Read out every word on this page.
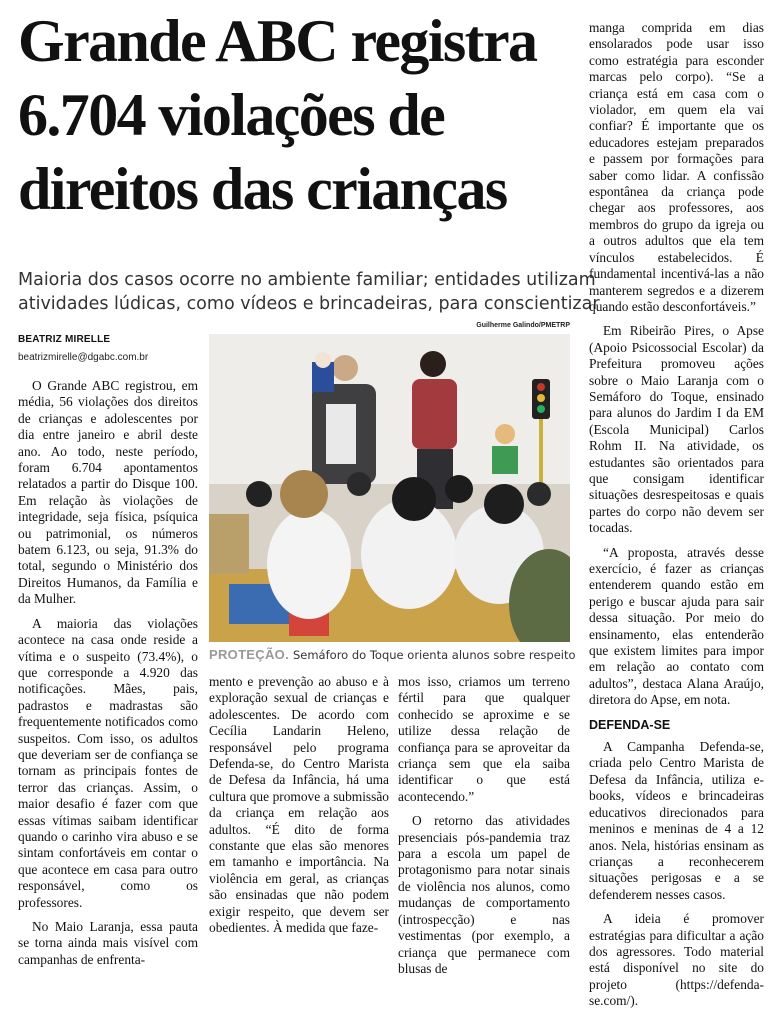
Grande ABC registra
6.704 violações de
direitos das crianças
Maioria dos casos ocorre no ambiente familiar; entidades utilizam
atividades lúdicas, como vídeos e brincadeiras, para conscientizar
BEATRIZ MIRELLE
beatrizmirelle@dgabc.com.br

O Grande ABC registrou, em média, 56 violações dos direitos de crianças e adolescentes por dia entre janeiro e abril deste ano. Ao todo, neste período, foram 6.704 apontamentos relatados a partir do Disque 100. Em relação às violações de integridade, seja física, psíquica ou patrimonial, os números batem 6.123, ou seja, 91.3% do total, segundo o Ministério dos Direitos Humanos, da Família e da Mulher.

A maioria das violações acontece na casa onde reside a vítima e o suspeito (73.4%), o que corresponde a 4.920 das notificações. Mães, pais, padrastos e madrastas são frequentemente notificados como suspeitos. Com isso, os adultos que deveriam ser de confiança se tornam as principais fontes de terror das crianças. Assim, o maior desafio é fazer com que essas vítimas saibam identificar quando o carinho vira abuso e se sintam confortáveis em contar o que acontece em casa para outro responsável, como os professores.

No Maio Laranja, essa pauta se torna ainda mais visível com campanhas de enfrenta-

Guilherme Galindo/PMETRP
PROTEÇÃO. Semáforo do Toque orienta alunos sobre respeito

mento e prevenção ao abuso e à exploração sexual de crianças e adolescentes. De acordo com Cecília Landarin Heleno, responsável pelo programa Defenda-se, do Centro Marista de Defesa da Infância, há uma cultura que promove a submissão da criança em relação aos adultos. “É dito de forma constante que elas são menores em tamanho e importância. Na violência em geral, as crianças são ensinadas que não podem exigir respeito, que devem ser obedientes. À medida que faze-

mos isso, criamos um terreno fértil para que qualquer conhecido se aproxime e se utilize dessa relação de confiança para se aproveitar da criança sem que ela saiba identificar o que está acontecendo.”

O retorno das atividades presenciais pós-pandemia traz para a escola um papel de protagonismo para notar sinais de violência nos alunos, como mudanças de comportamento (introspecção) e nas vestimentas (por exemplo, a criança que permanece com blusas de

manga comprida em dias ensolarados pode usar isso como estratégia para esconder marcas pelo corpo). “Se a criança está em casa com o violador, em quem ela vai confiar? É importante que os educadores estejam preparados e passem por formações para saber como lidar. A confissão espontânea da criança pode chegar aos professores, aos membros do grupo da igreja ou a outros adultos que ela tem vínculos estabelecidos. É fundamental incentivá-las a não manterem segredos e a dizerem quando estão desconfortáveis.”

Em Ribeirão Pires, o Apse (Apoio Psicossocial Escolar) da Prefeitura promoveu ações sobre o Maio Laranja com o Semáforo do Toque, ensinado para alunos do Jardim I da EM (Escola Municipal) Carlos Rohm II. Na atividade, os estudantes são orientados para que consigam identificar situações desrespeitosas e quais partes do corpo não devem ser tocadas.

“A proposta, através desse exercício, é fazer as crianças entenderem quando estão em perigo e buscar ajuda para sair dessa situação. Por meio do ensinamento, elas entenderão que existem limites para impor em relação ao contato com adultos”, destaca Alana Araújo, diretora do Apse, em nota.

DEFENDA-SE

A Campanha Defenda-se, criada pelo Centro Marista de Defesa da Infância, utiliza e-books, vídeos e brincadeiras educativos direcionados para meninos e meninas de 4 a 12 anos. Nela, histórias ensinam as crianças a reconhecerem situações perigosas e a se defenderem nesses casos.

A ideia é promover estratégias para dificultar a ação dos agressores. Todo material está disponível no site do projeto (https://defenda-se.com/).
